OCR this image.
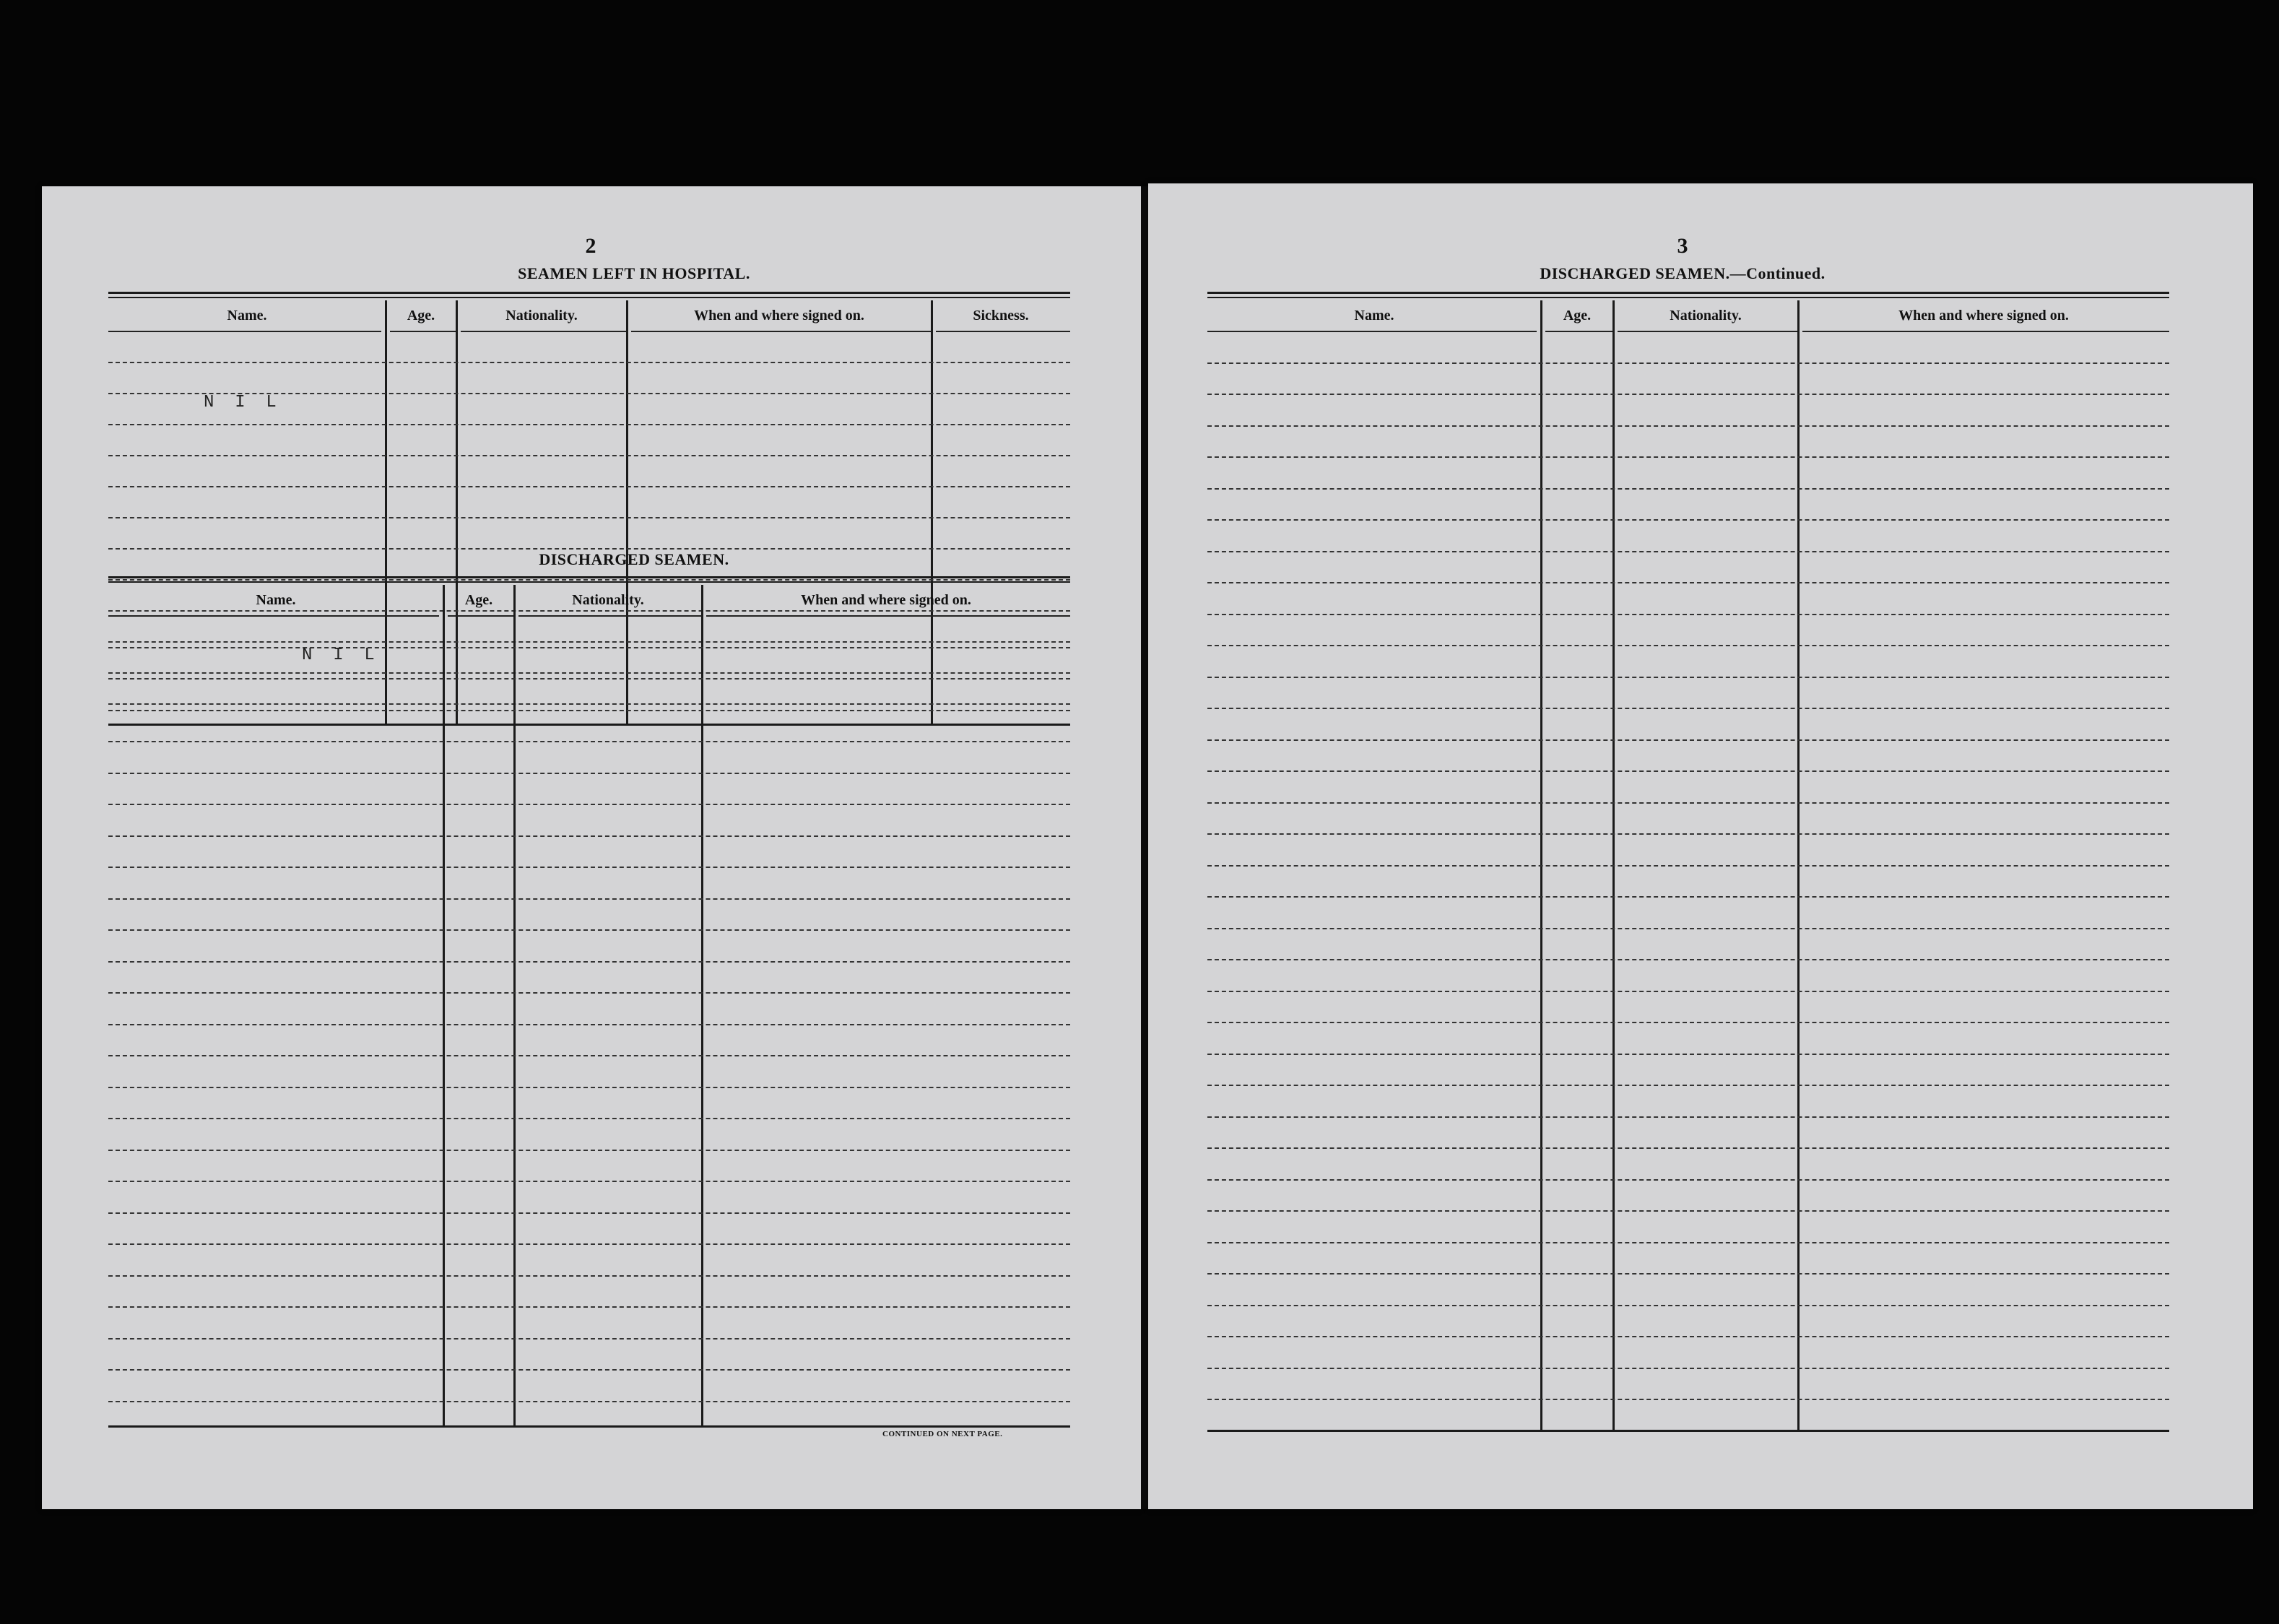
2
SEAMEN LEFT IN HOSPITAL.
Name.	Age.	Nationality.	When and where signed on.	Sickness.
N  I  L
DISCHARGED SEAMEN.
Name.	Age.	Nationality.	When and where signed on.
N  I  L
CONTINUED ON NEXT PAGE.
3
DISCHARGED SEAMEN.—Continued.
Name.	Age.	Nationality.	When and where signed on.
